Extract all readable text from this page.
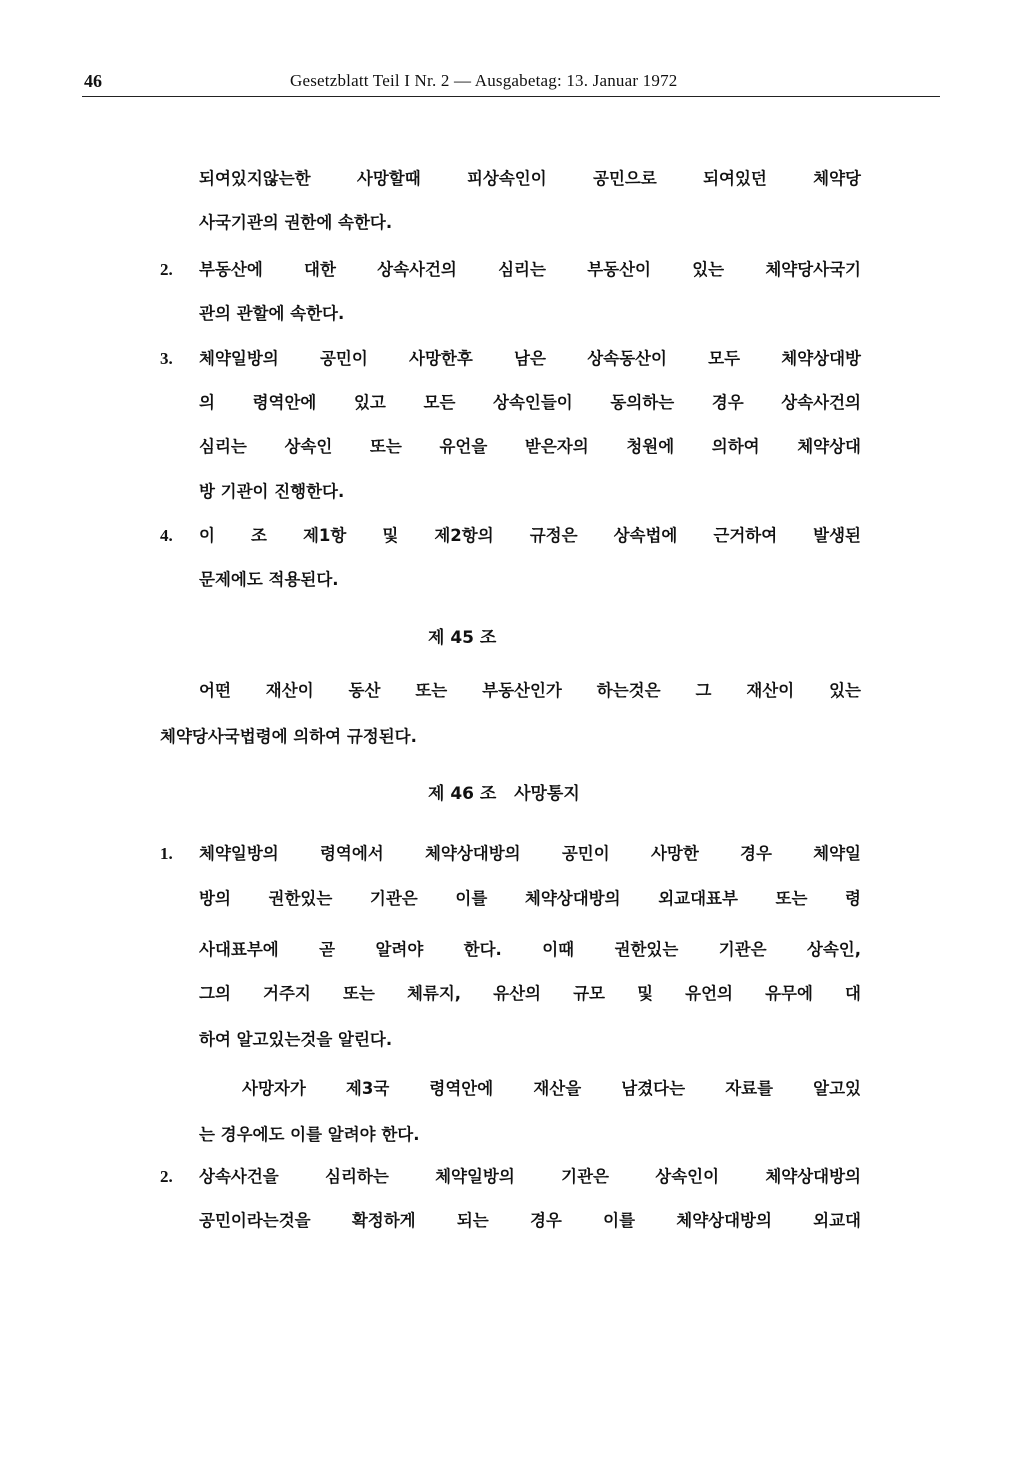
46	Gesetzblatt Teil I Nr. 2 — Ausgabetag: 13. Januar 1972
되여있지않는한 사망할때 피상속인이 공민으로 되여있던 체약당
사국기관의 권한에 속한다.
2. 부동산에 대한 상속사건의 심리는 부동산이 있는 체약당사국기
관의 관할에 속한다.
3. 체약일방의 공민이 사망한후 남은 상속동산이 모두 체약상대방
의 령역안에 있고 모든 상속인들이 동의하는 경우 상속사건의
심리는 상속인 또는 유언을 받은자의 청원에 의하여 체약상대
방 기관이 진행한다.
4. 이 조 제1항 및 제2항의 규정은 상속법에 근거하여 발생된
문제에도 적용된다.
제 45 조
어떤 재산이 동산 또는 부동산인가 하는것은 그 재산이 있는
체약당사국법령에 의하여 규정된다.
제 46 조   사망통지
1. 체약일방의 령역에서 체약상대방의 공민이 사망한 경우 체약일
방의 권한있는 기관은 이를 체약상대방의 외교대표부 또는 령
사대표부에 곧 알려야 한다. 이때 권한있는 기관은 상속인,
그의 거주지 또는 체류지, 유산의 규모 및 유언의 유무에 대
하여 알고있는것을 알린다.
사망자가 제3국 령역안에 재산을 남겼다는 자료를 알고있
는 경우에도 이를 알려야 한다.
2. 상속사건을 심리하는 체약일방의 기관은 상속인이 체약상대방의
공민이라는것을 확정하게 되는 경우 이를 체약상대방의 외교대
